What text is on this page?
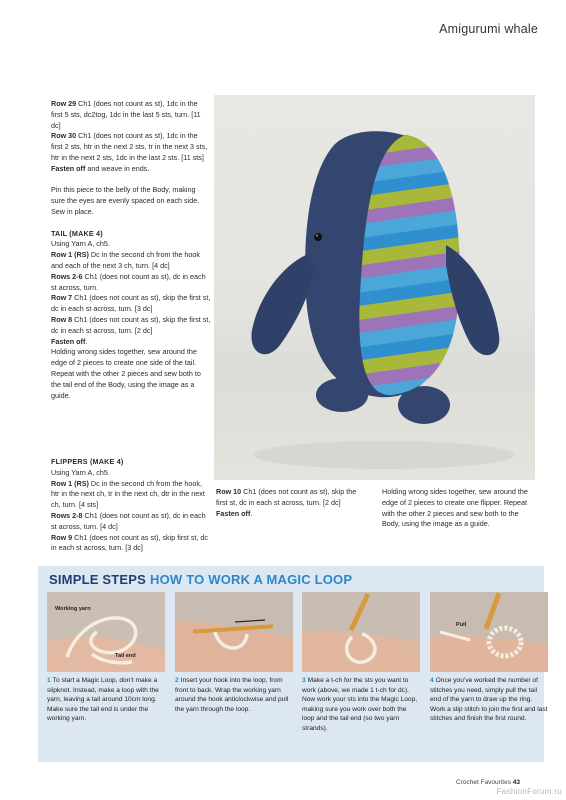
Amigurumi whale

Row 29 Ch1 (does not count as st), 1dc in the first 5 sts, dc2tog, 1dc in the last 5 sts, turn. [11 dc]

Row 30 Ch1 (does not count as st), 1dc in the first 2 sts, htr in the next 2 sts, tr in the next 3 sts, htr in the next 2 sts, 1dc in the last 2 sts. [11 sts]

Fasten off and weave in ends.

Pin this piece to the belly of the Body, making sure the eyes are evenly spaced on each side.

Sew in place.

TAIL (MAKE 4)

Using Yarn A, ch5.

Row 1 (RS) Dc in the second ch from the hook and each of the next 3 ch, turn. [4 dc]

Rows 2-6 Ch1 (does not count as st), dc in each st across, turn.

Row 7 Ch1 (does not count as st), skip the first st, dc in each st across, turn. [3 dc]

Row 8 Ch1 (does not count as st), skip the first st, dc in each st across, turn. [2 dc]

Fasten off.

Holding wrong sides together, sew around the edge of 2 pieces to create one side of the tail.

Repeat with the other 2 pieces and sew both to the tail end of the Body, using the image as a guide.

FLIPPERS (MAKE 4)

Using Yarn A, ch5.

Row 1 (RS) Dc in the second ch from the hook, htr in the next ch, tr in the next ch, dtr in the next ch, turn. [4 sts]

Rows 2-8 Ch1 (does not count as st), dc in each st across, turn. [4 dc]

Row 9 Ch1 (does not count as st), skip first st, dc in each st across, turn. [3 dc]

Row 10 Ch1 (does not count as st), skip the first st, dc in each st across, turn. [2 dc]

Fasten off.

Holding wrong sides together, sew around the edge of 2 pieces to create one flipper. Repeat with the other 2 pieces and sew both to the Body, using the image as a guide.

SIMPLE STEPS HOW TO WORK A MAGIC LOOP
Working yarn
Tail end
Pull
1 To start a Magic Loop, don’t make a slipknot. Instead, make a loop with the yarn, leaving a tail around 10cm long. Make sure the tail end is under the working yarn.
2 Insert your hook into the loop, from front to back. Wrap the working yarn around the hook anticlockwise and pull the yarn through the loop.
3 Make a t-ch for the sts you want to work (above, we made 1 t-ch for dc). Now work your sts into the Magic Loop, making sure you work over both the loop and the tail end (so two yarn strands).
4 Once you’ve worked the number of stitches you need, simply pull the tail end of the yarn to draw up the ring. Work a slip stitch to join the first and last stitches and finish the first round.
Crochet Favourites 43
FashionForum.ru
